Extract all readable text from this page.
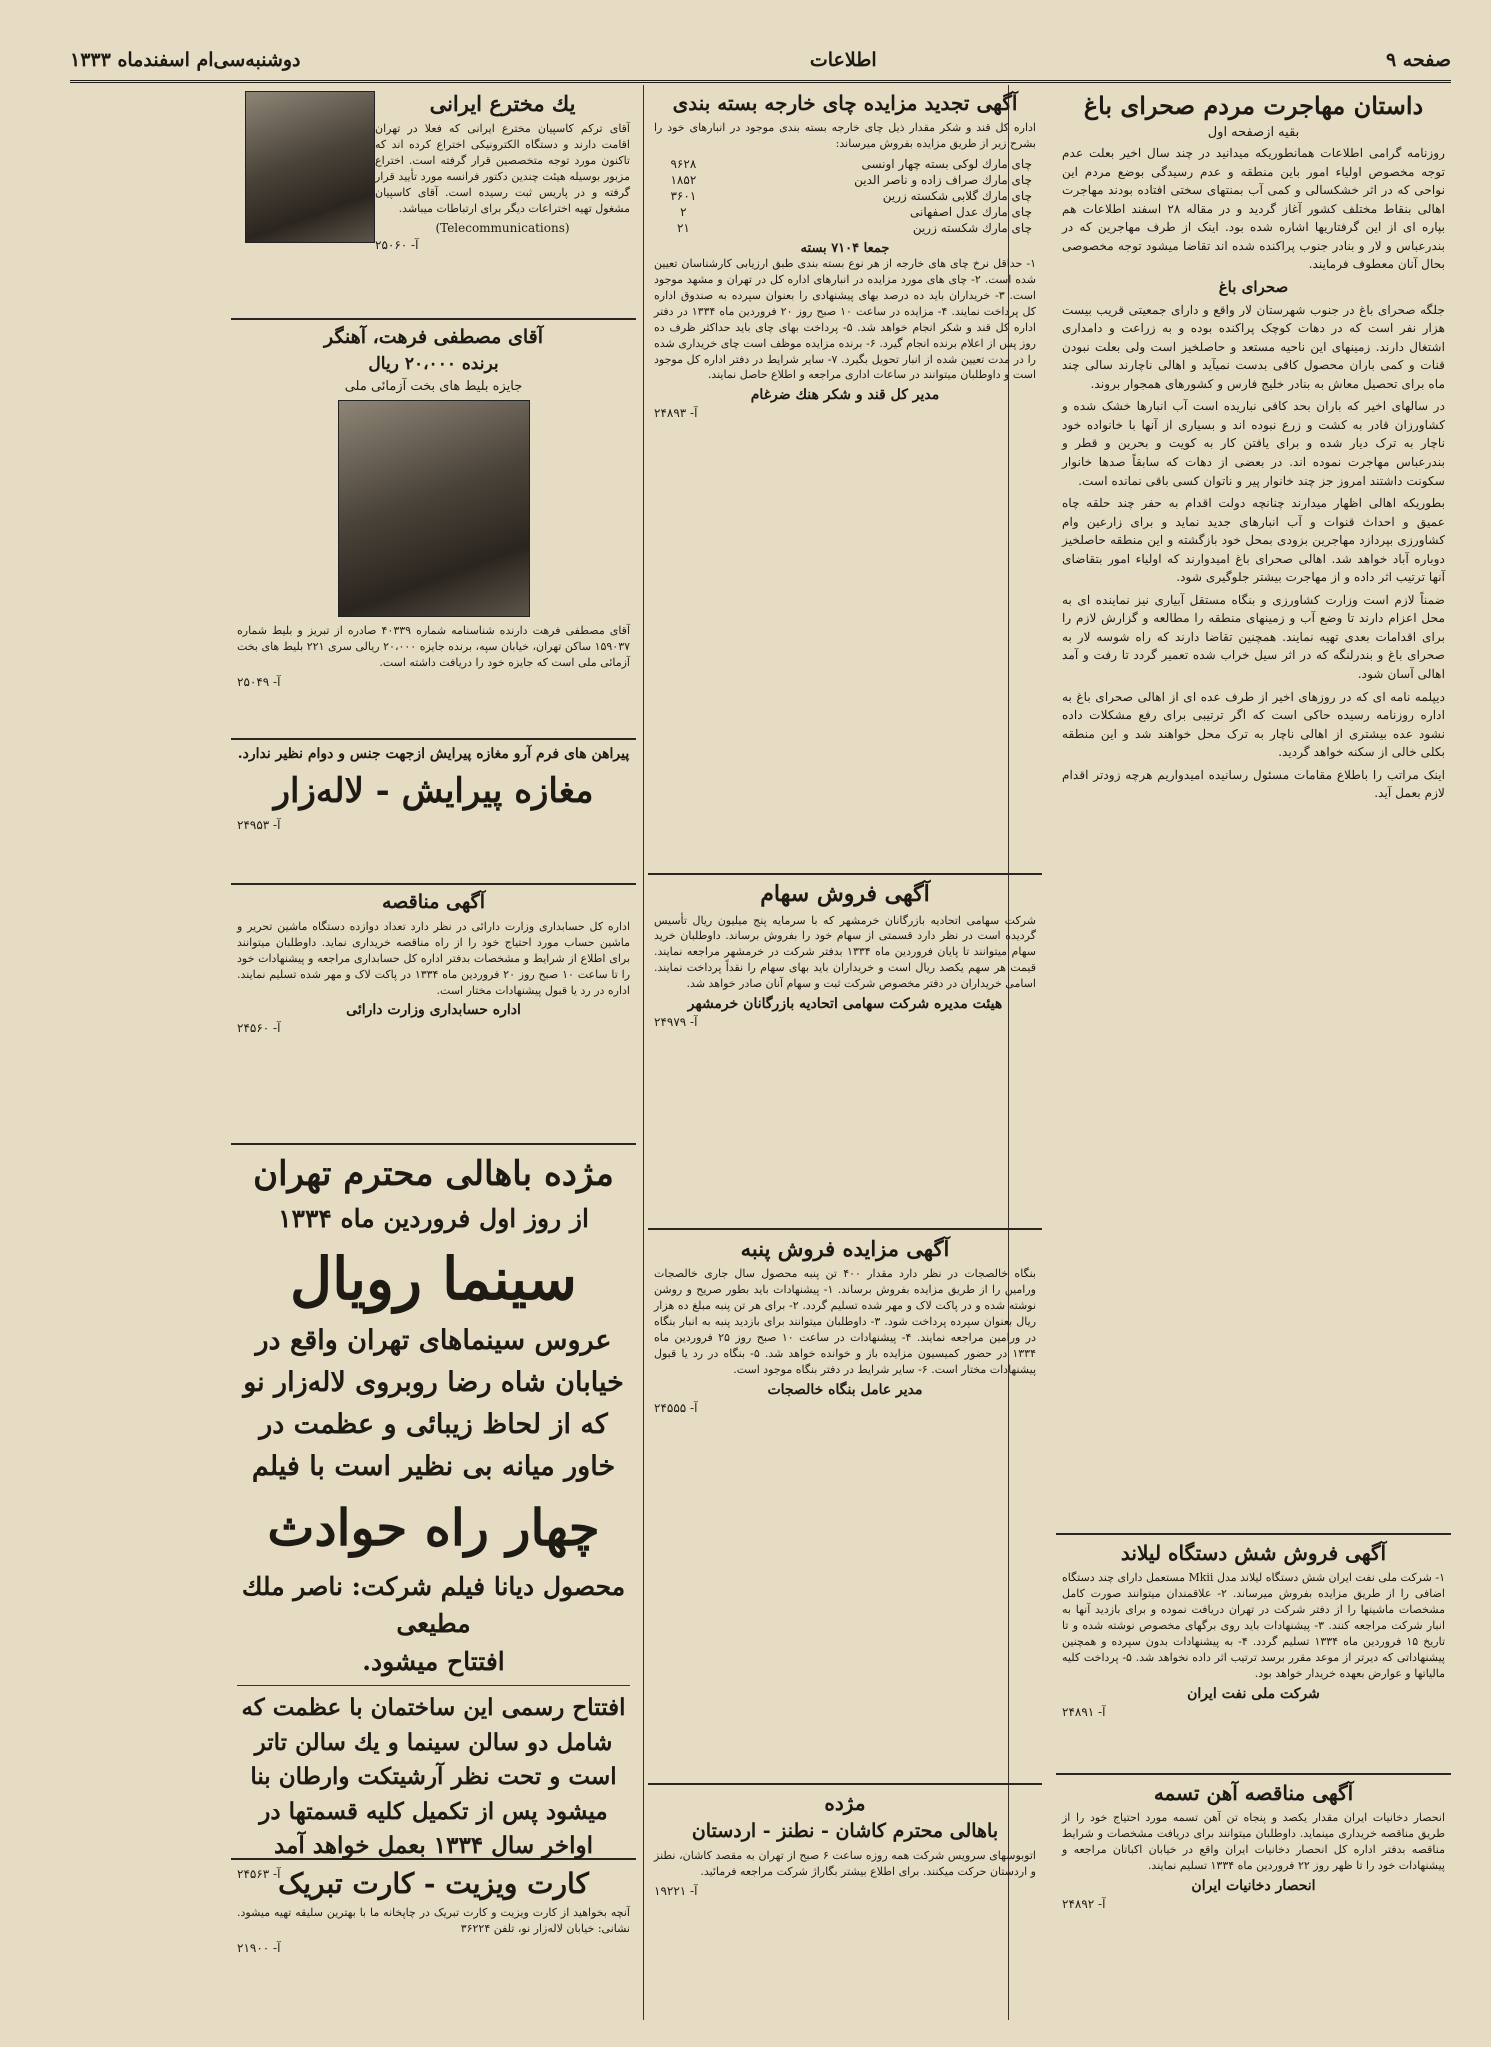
صفحه ۹
اطلاعات
دوشنبه‌سی‌ام اسفندماه ۱۳۳۳
داستان مهاجرت مردم صحرای باغ
بقیه ازصفحه اول

روزنامه گرامی اطلاعات همانطوریکه میدانید در چند سال اخیر بعلت عدم توجه مخصوص اولیاء امور باین منطقه و عدم رسیدگی بوضع مردم این نواحی که در اثر خشکسالی و کمی آب بمنتهای سختی افتاده بودند مهاجرت اهالی بنقاط مختلف کشور آغاز گردید و در مقاله ۲۸ اسفند اطلاعات هم بپاره ای از این گرفتاریها اشاره شده بود. اینک از طرف مهاجرین که در بندرعباس و لار و بنادر جنوب پراکنده شده اند تقاضا میشود توجه مخصوصی بحال آنان معطوف فرمایند.

صحرای باغ

جلگه صحرای باغ در جنوب شهرستان لار واقع و دارای جمعیتی قریب بیست هزار نفر است که در دهات کوچک پراکنده بوده و به زراعت و دامداری اشتغال دارند. زمینهای این ناحیه مستعد و حاصلخیز است ولی بعلت نبودن قنات و کمی باران محصول کافی بدست نمیآید و اهالی ناچارند سالی چند ماه برای تحصیل معاش به بنادر خلیج فارس و کشورهای همجوار بروند.

در سالهای اخیر که باران بحد کافی نباریده است آب انبارها خشک شده و کشاورزان قادر به کشت و زرع نبوده اند و بسیاری از آنها با خانواده خود ناچار به ترک دیار شده و برای یافتن کار به کویت و بحرین و قطر و بندرعباس مهاجرت نموده اند. در بعضی از دهات که سابقاً صدها خانوار سکونت داشتند امروز جز چند خانوار پیر و ناتوان کسی باقی نمانده است.

بطوریکه اهالی اظهار میدارند چنانچه دولت اقدام به حفر چند حلقه چاه عمیق و احداث قنوات و آب انبارهای جدید نماید و برای زارعین وام کشاورزی بپردازد مهاجرین بزودی بمحل خود بازگشته و این منطقه حاصلخیز دوباره آباد خواهد شد. اهالی صحرای باغ امیدوارند که اولیاء امور بتقاضای آنها ترتیب اثر داده و از مهاجرت بیشتر جلوگیری شود.

ضمناً لازم است وزارت کشاورزی و بنگاه مستقل آبیاری نیز نماینده ای به محل اعزام دارند تا وضع آب و زمینهای منطقه را مطالعه و گزارش لازم را برای اقدامات بعدی تهیه نمایند. همچنین تقاضا دارند که راه شوسه لار به صحرای باغ و بندرلنگه که در اثر سیل خراب شده تعمیر گردد تا رفت و آمد اهالی آسان شود.

دیپلمه نامه ای که در روزهای اخیر از طرف عده ای از اهالی صحرای باغ به اداره روزنامه رسیده حاکی است که اگر ترتیبی برای رفع مشکلات داده نشود عده بیشتری از اهالی ناچار به ترک محل خواهند شد و این منطقه بکلی خالی از سکنه خواهد گردید.

اینک مراتب را باطلاع مقامات مسئول رسانیده امیدواریم هرچه زودتر اقدام لازم بعمل آید.

آگهی فروش شش دستگاه لیلاند

۱- شرکت ملی نفت ایران شش دستگاه لیلاند مدل Mkii مستعمل دارای چند دستگاه اضافی را از طریق مزایده بفروش میرساند. ۲- علاقمندان میتوانند صورت کامل مشخصات ماشینها را از دفتر شرکت در تهران دریافت نموده و برای بازدید آنها به انبار شرکت مراجعه کنند. ۳- پیشنهادات باید روی برگهای مخصوص نوشته شده و تا تاریخ ۱۵ فروردین ماه ۱۳۳۴ تسلیم گردد. ۴- به پیشنهادات بدون سپرده و همچنین پیشنهاداتی که دیرتر از موعد مقرر برسد ترتیب اثر داده نخواهد شد. ۵- پرداخت کلیه مالیاتها و عوارض بعهده خریدار خواهد بود.

شرکت ملی نفت ایران
آ- ۲۴۸۹۱
آگهی مناقصه آهن تسمه

انحصار دخانیات ایران مقدار یکصد و پنجاه تن آهن تسمه مورد احتیاج خود را از طریق مناقصه خریداری مینماید. داوطلبان میتوانند برای دریافت مشخصات و شرایط مناقصه بدفتر اداره کل انحصار دخانیات ایران واقع در خیابان اکباتان مراجعه و پیشنهادات خود را تا ظهر روز ۲۲ فروردین ماه ۱۳۳۴ تسلیم نمایند.

انحصار دخانیات ایران
آ- ۲۴۸۹۲
آگهی تجدید مزایده چای خارجه بسته بندی

اداره کل قند و شکر مقدار ذیل چای خارجه بسته بندی موجود در انبارهای خود را بشرح زیر از طریق مزایده بفروش میرساند:

چای مارك لوکی بسته چهار اونسی	۹۶۲۸
چای مارك صراف زاده و ناصر الدین	۱۸۵۲
چای مارك گلابی شکسته زرین	۳۶۰۱
چای مارك عدل اصفهانی	۲
چای مارك شکسته زرین	۲۱
جمعا ۷۱۰۴ بسته

۱- حداقل نرخ چای های خارجه از هر نوع بسته بندی طبق ارزیابی کارشناسان تعیین شده است. ۲- چای های مورد مزایده در انبارهای اداره کل در تهران و مشهد موجود است. ۳- خریداران باید ده درصد بهای پیشنهادی را بعنوان سپرده به صندوق اداره کل پرداخت نمایند. ۴- مزایده در ساعت ۱۰ صبح روز ۲۰ فروردین ماه ۱۳۳۴ در دفتر اداره کل قند و شکر انجام خواهد شد. ۵- پرداخت بهای چای باید حداکثر ظرف ده روز پس از اعلام برنده انجام گیرد. ۶- برنده مزایده موظف است چای خریداری شده را در مدت تعیین شده از انبار تحویل بگیرد. ۷- سایر شرایط در دفتر اداره کل موجود است و داوطلبان میتوانند در ساعات اداری مراجعه و اطلاع حاصل نمایند.

مدیر کل قند و شکر هنك ضرغام
آ- ۲۴۸۹۳
آگهی فروش سهام

شرکت سهامی اتحادیه بازرگانان خرمشهر که با سرمایه پنج میلیون ریال تأسیس گردیده است در نظر دارد قسمتی از سهام خود را بفروش برساند. داوطلبان خرید سهام میتوانند تا پایان فروردین ماه ۱۳۳۴ بدفتر شرکت در خرمشهر مراجعه نمایند. قیمت هر سهم یکصد ریال است و خریداران باید بهای سهام را نقداً پرداخت نمایند. اسامی خریداران در دفتر مخصوص شرکت ثبت و سهام آنان صادر خواهد شد.

هیئت مدیره شرکت سهامی اتحادیه بازرگانان خرمشهر
آ- ۲۴۹۷۹
آگهی مزایده فروش پنبه

بنگاه خالصجات در نظر دارد مقدار ۴۰۰ تن پنبه محصول سال جاری خالصجات ورامین را از طریق مزایده بفروش برساند. ۱- پیشنهادات باید بطور صریح و روشن نوشته شده و در پاکت لاک و مهر شده تسلیم گردد. ۲- برای هر تن پنبه مبلغ ده هزار ریال بعنوان سپرده پرداخت شود. ۳- داوطلبان میتوانند برای بازدید پنبه به انبار بنگاه در ورامین مراجعه نمایند. ۴- پیشنهادات در ساعت ۱۰ صبح روز ۲۵ فروردین ماه ۱۳۳۴ در حضور کمیسیون مزایده باز و خوانده خواهد شد. ۵- بنگاه در رد یا قبول پیشنهادات مختار است. ۶- سایر شرایط در دفتر بنگاه موجود است.

مدیر عامل بنگاه خالصجات
آ- ۲۴۵۵۵
مژده
باهالی محترم کاشان - نطنز - اردستان

اتوبوسهای سرویس شرکت همه روزه ساعت ۶ صبح از تهران به مقصد کاشان، نطنز و اردستان حرکت میکنند. برای اطلاع بیشتر بگاراژ شرکت مراجعه فرمائید.

آ- ۱۹۲۲۱
یك مخترع ایرانی

آقای ترکم کاسپیان مخترع ایرانی که فعلا در تهران اقامت دارند و دستگاه الکترونیکی اختراع کرده اند که تاکنون مورد توجه متخصصین قرار گرفته است. اختراع مزبور بوسیله هیئت چندین دکتور فرانسه مورد تأیید قرار گرفته و در پاریس ثبت رسیده است. آقای کاسپیان مشغول تهیه اختراعات دیگر برای ارتباطات میباشد.

(Telecommunications)
آ- ۲۵۰۶۰
آقای مصطفی فرهت، آهنگر
برنده ۲۰،۰۰۰ ریال
جایزه بلیط های بخت آزمائی ملی

آقای مصطفی فرهت دارنده شناسنامه شماره ۴۰۳۳۹ صادره از تبریز و بلیط شماره ۱۵۹۰۳۷ ساکن تهران، خیابان سپه، برنده جایزه ۲۰،۰۰۰ ریالی سری ۲۲۱ بلیط های بخت آزمائی ملی است که جایزه خود را دریافت داشته است.

آ- ۲۵۰۴۹

پیراهن های فرم آرو مغازه پیرایش ازجهت جنس و دوام نظیر ندارد.

مغازه پیرایش - لاله‌زار
آ- ۲۴۹۵۳
آگهی مناقصه

اداره کل حسابداری وزارت دارائی در نظر دارد تعداد دوازده دستگاه ماشین تحریر و ماشین حساب مورد احتیاج خود را از راه مناقصه خریداری نماید. داوطلبان میتوانند برای اطلاع از شرایط و مشخصات بدفتر اداره کل حسابداری مراجعه و پیشنهادات خود را تا ساعت ۱۰ صبح روز ۲۰ فروردین ماه ۱۳۳۴ در پاکت لاک و مهر شده تسلیم نمایند. اداره در رد یا قبول پیشنهادات مختار است.

اداره حسابداری وزارت دارائی
آ- ۲۴۵۶۰
مژده باهالی محترم تهران
از روز اول فروردین ماه ۱۳۳۴
سینما رویال
عروس سینماهای تهران واقع در خیابان شاه رضا روبروی لاله‌زار نو که از لحاظ زیبائی و عظمت در خاور میانه بی نظیر است با فیلم
چهار راه حوادث
محصول دیانا فیلم شرکت: ناصر ملك مطیعی
افتتاح میشود.
افتتاح رسمی این ساختمان با عظمت که شامل دو سالن سینما و یك سالن تاتر است و تحت نظر آرشیتکت وارطان بنا میشود پس از تکمیل کلیه قسمتها در اواخر سال ۱۳۳۴ بعمل خواهد آمد
آ- ۲۴۵۶۳
کارت ویزیت - کارت تبریک

آنچه بخواهید از کارت ویزیت و کارت تبریک در چاپخانه ما با بهترین سلیقه تهیه میشود. نشانی: خیابان لاله‌زار نو، تلفن ۳۶۲۲۴

آ- ۲۱۹۰۰
